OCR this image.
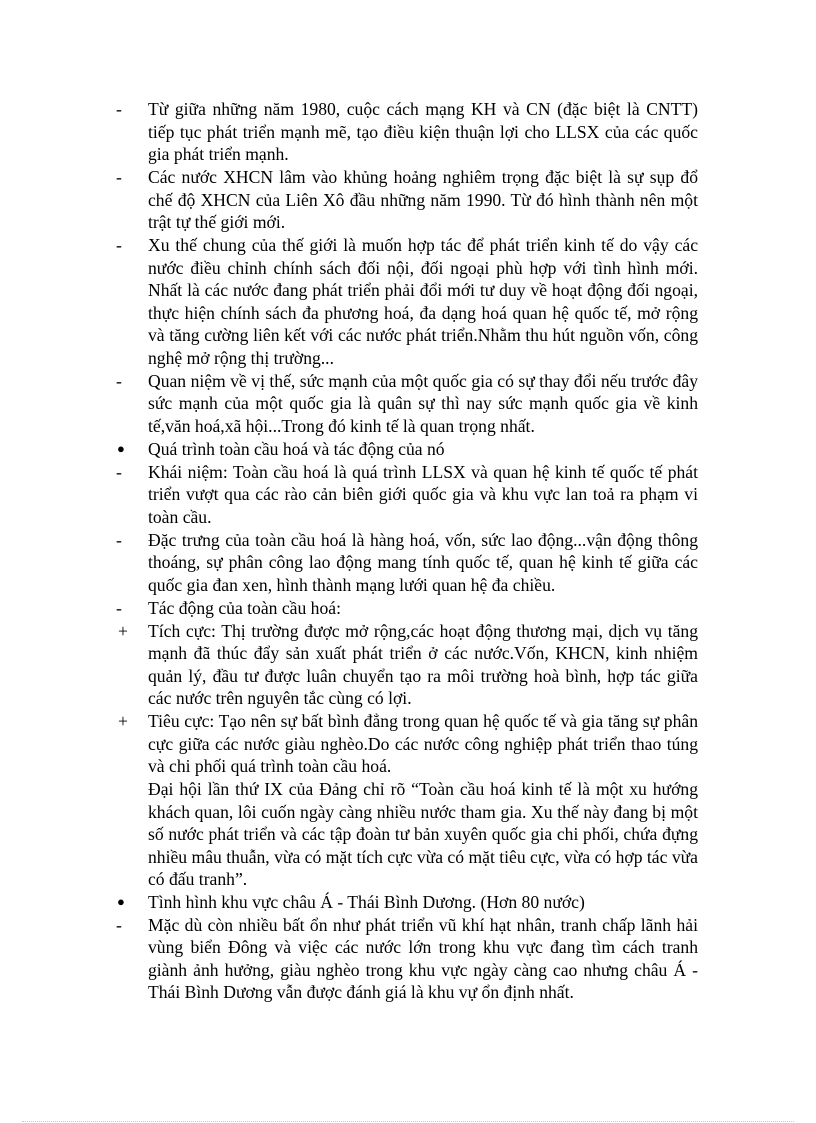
-	Từ giữa những năm 1980, cuộc cách mạng KH và CN (đặc biệt là CNTT) tiếp tục phát triển mạnh mẽ, tạo điều kiện thuận lợi cho LLSX của các quốc gia phát triển mạnh.
-	Các nước XHCN lâm vào khủng hoảng nghiêm trọng đặc biệt là sự sụp đổ chế độ XHCN của Liên Xô đầu những năm 1990. Từ đó hình thành nên một trật tự thế giới mới.
-	Xu thế chung của thế giới là muốn hợp tác để phát triển kinh tế do vậy các nước điều chỉnh chính sách đối nội, đối ngoại phù hợp với tình hình mới. Nhất là các nước đang phát triển phải đổi mới tư duy về hoạt động đối ngoại, thực hiện chính sách đa phương hoá, đa dạng hoá quan hệ quốc tế, mở rộng và tăng cường liên kết với các nước phát triển.Nhằm thu hút nguồn vốn, công nghệ mở rộng thị trường...
-	Quan niệm về vị thế, sức mạnh của một quốc gia có sự thay đổi nếu trước đây sức mạnh của một quốc gia là quân sự thì nay sức mạnh quốc gia về kinh tế,văn hoá,xã hội...Trong đó kinh tế là quan trọng nhất.
●	Quá trình toàn cầu hoá và tác động của nó
-	Khái niệm: Toàn cầu hoá là quá trình LLSX và quan hệ kinh tế quốc tế phát triển vượt qua các rào cản biên giới quốc gia và khu vực lan toả ra phạm vi toàn cầu.
-	Đặc trưng của toàn cầu hoá là hàng hoá, vốn, sức lao động...vận động thông thoáng, sự phân công lao động mang tính quốc tế, quan hệ kinh tế giữa các quốc gia đan xen, hình thành mạng lưới quan hệ đa chiều.
-	Tác động của toàn cầu hoá:
+	Tích cực: Thị trường được mở rộng,các hoạt động thương mại, dịch vụ tăng mạnh đã thúc đẩy sản xuất phát triển ở các nước.Vốn, KHCN, kinh nhiệm quản lý, đầu tư được luân chuyển tạo ra môi trường hoà bình, hợp tác giữa các nước trên nguyên tắc cùng có lợi.
+	Tiêu cực: Tạo nên sự bất bình đẳng trong quan hệ quốc tế và gia tăng sự phân cực giữa các nước giàu nghèo.Do các nước công nghiệp phát triển thao túng và chi phối quá trình toàn cầu hoá.
Đại hội lần thứ IX của Đảng chỉ rõ “Toàn cầu hoá kinh tế là một xu hướng khách quan, lôi cuốn ngày càng nhiều nước tham gia. Xu thế này đang bị một số nước phát triển và các tập đoàn tư bản xuyên quốc gia chi phối, chứa đựng nhiều mâu thuẫn, vừa có mặt tích cực vừa có mặt tiêu cực, vừa có hợp tác vừa có đấu tranh”.
●	Tình hình khu vực châu Á - Thái Bình Dương. (Hơn 80 nước)
-	Mặc dù còn nhiều bất ổn như phát triển vũ khí hạt nhân, tranh chấp lãnh hải vùng biển Đông và việc các nước lớn trong khu vực đang tìm cách tranh giành ảnh hưởng, giàu nghèo trong khu vực ngày càng cao nhưng châu Á - Thái Bình Dương vẫn được đánh giá là khu vự ổn định nhất.
